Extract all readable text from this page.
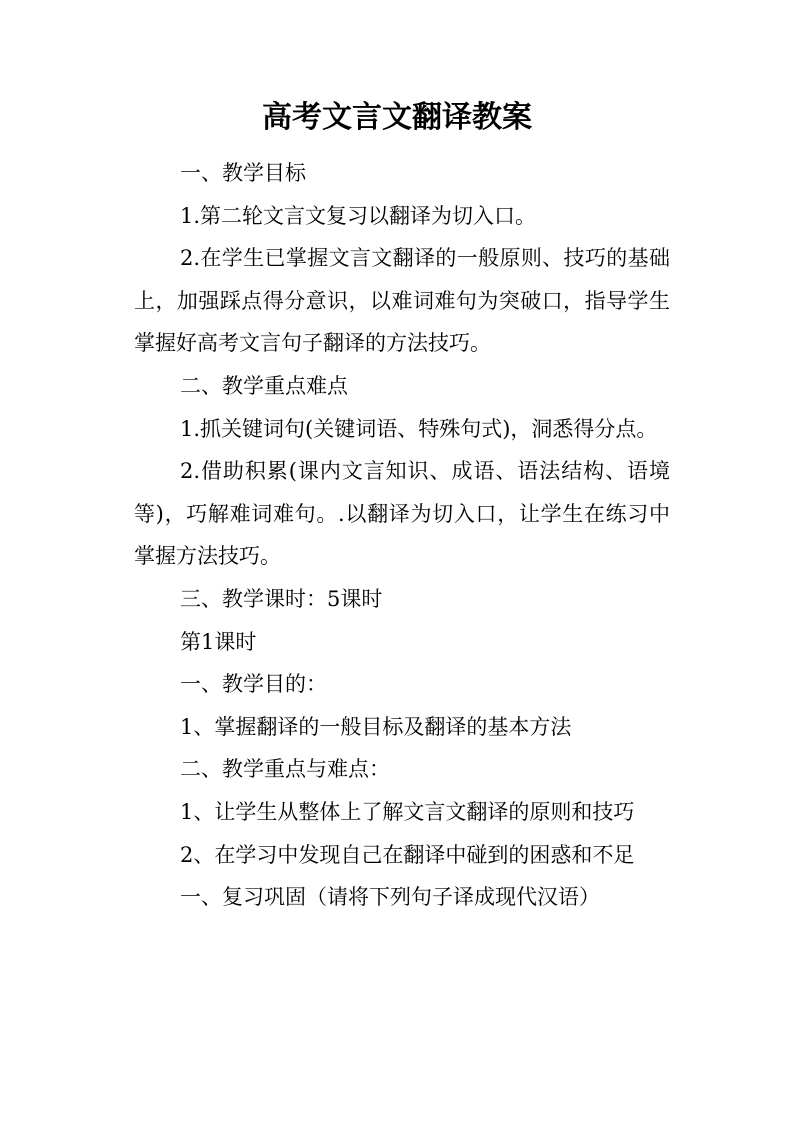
高考文言文翻译教案

一、教学目标

1.第二轮文言文复习以翻译为切入口。

2.在学生已掌握文言文翻译的一般原则、技巧的基础上，加强踩点得分意识，以难词难句为突破口，指导学生掌握好高考文言句子翻译的方法技巧。

二、教学重点难点

1.抓关键词句(关键词语、特殊句式)，洞悉得分点。

2.借助积累(课内文言知识、成语、语法结构、语境等)，巧解难词难句。.以翻译为切入口，让学生在练习中掌握方法技巧。

三、教学课时：5课时

第1课时

一、教学目的：

1、掌握翻译的一般目标及翻译的基本方法

二、教学重点与难点：

1、让学生从整体上了解文言文翻译的原则和技巧

2、在学习中发现自己在翻译中碰到的困惑和不足

一、复习巩固（请将下列句子译成现代汉语）
